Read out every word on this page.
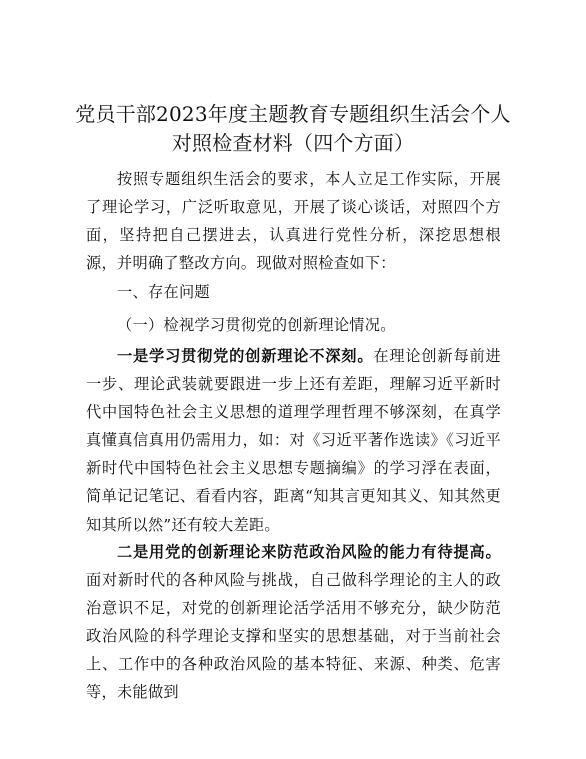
党员干部2023年度主题教育专题组织生活会个人对照检查材料（四个方面）

按照专题组织生活会的要求，本人立足工作实际，开展了理论学习，广泛听取意见，开展了谈心谈话，对照四个方面，坚持把自己摆进去，认真进行党性分析，深挖思想根源，并明确了整改方向。现做对照检查如下：

一、存在问题

（一）检视学习贯彻党的创新理论情况。

一是学习贯彻党的创新理论不深刻。在理论创新每前进一步、理论武装就要跟进一步上还有差距，理解习近平新时代中国特色社会主义思想的道理学理哲理不够深刻，在真学真懂真信真用仍需用力，如：对《习近平著作选读》《习近平新时代中国特色社会主义思想专题摘编》的学习浮在表面，简单记记笔记、看看内容，距离“知其言更知其义、知其然更知其所以然”还有较大差距。

二是用党的创新理论来防范政治风险的能力有待提高。面对新时代的各种风险与挑战，自己做科学理论的主人的政治意识不足，对党的创新理论活学活用不够充分，缺少防范政治风险的科学理论支撑和坚实的思想基础，对于当前社会上、工作中的各种政治风险的基本特征、来源、种类、危害等，未能做到
